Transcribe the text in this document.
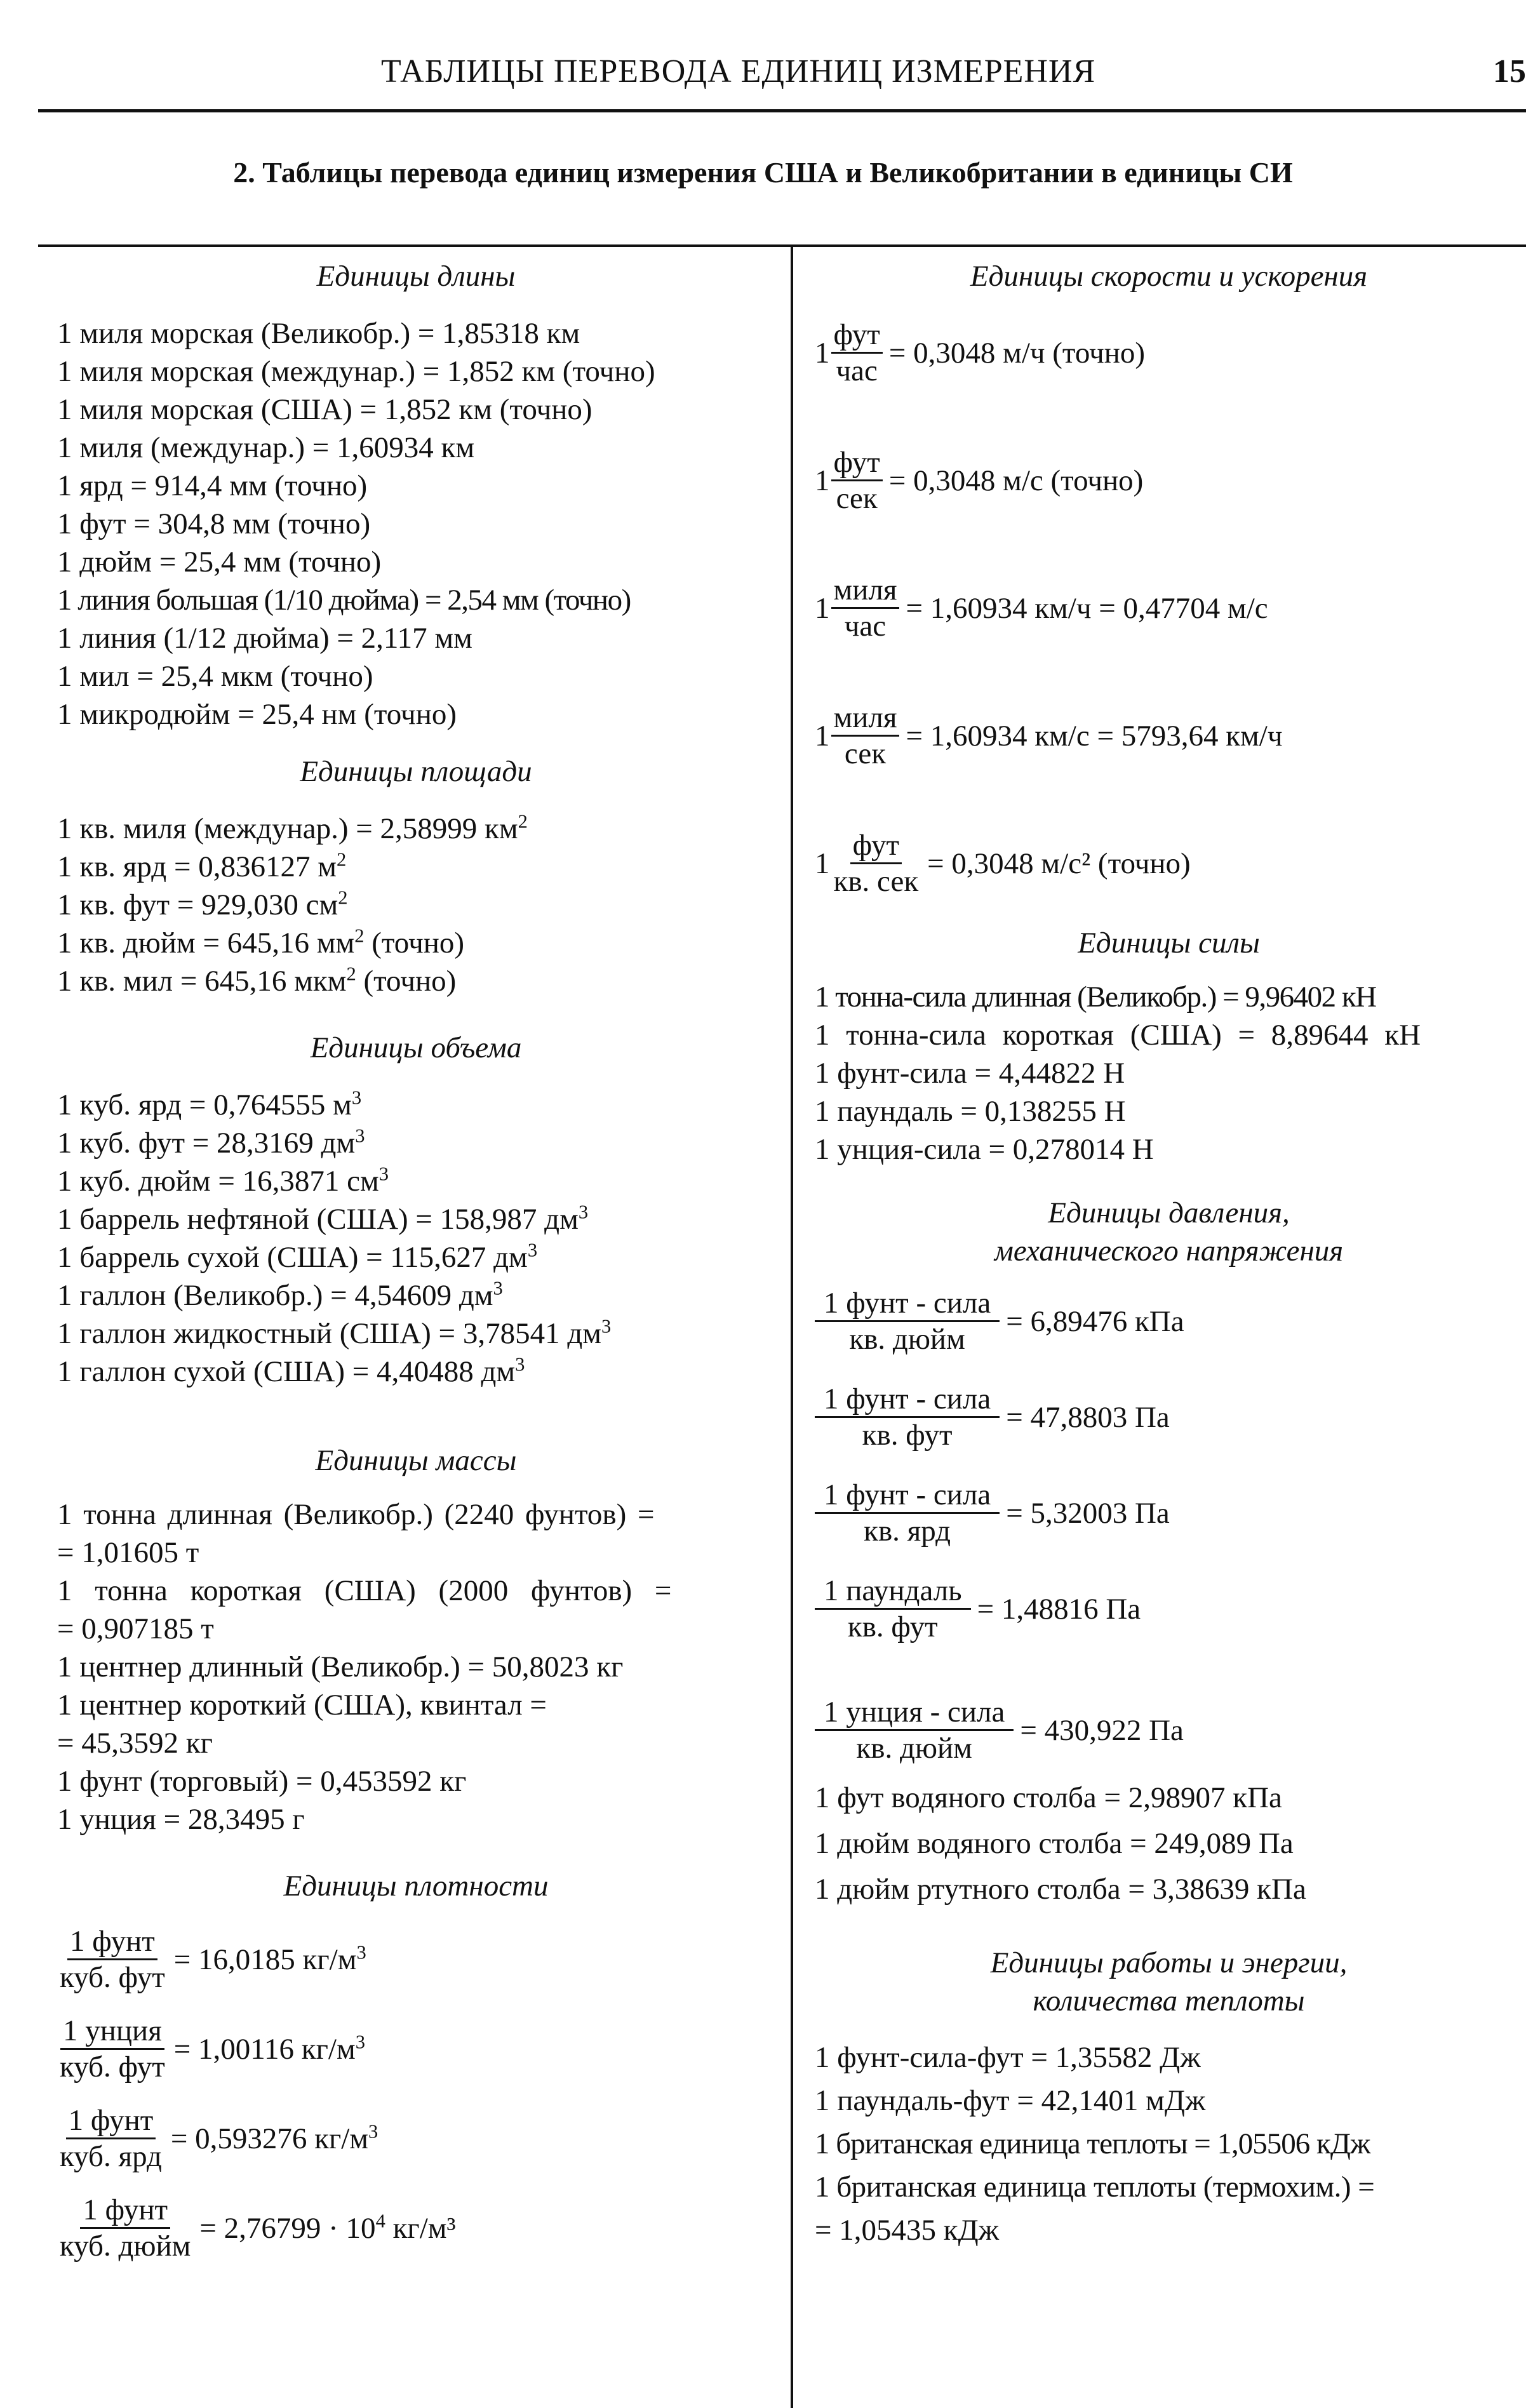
ТАБЛИЦЫ ПЕРЕВОДА ЕДИНИЦ ИЗМЕРЕНИЯ	15
2. Таблицы перевода единиц измерения США и Великобритании в единицы СИ
Единицы длины
1 миля морская (Великобр.) = 1,85318 км
1 миля морская (междунар.) = 1,852 км (точно)
1 миля морская (США) = 1,852 км (точно)
1 миля (междунар.) = 1,60934 км
1 ярд = 914,4 мм (точно)
1 фут = 304,8 мм (точно)
1 дюйм = 25,4 мм (точно)
1 линия большая (1/10 дюйма) = 2,54 мм (точно)
1 линия (1/12 дюйма) = 2,117 мм
1 мил = 25,4 мкм (точно)
1 микродюйм = 25,4 нм (точно)
Единицы площади
1 кв. миля (междунар.) = 2,58999 $км^2$
1 кв. ярд = 0,836127 $м^2$
1 кв. фут = 929,030 $см^2$
1 кв. дюйм = 645,16 $мм^2$ (точно)
1 кв. мил = 645,16 мкм$^2$ (точно)
Единицы объема
1 куб. ярд = 0,764555 $м^3$
1 куб. фут = 28,3169 $дм^3$
1 куб. дюйм = 16,3871 $см^3$
1 баррель нефтяной (США) = 158,987 $дм^3$
1 баррель сухой (США) = 115,627 $дм^3$
1 галлон (Великобр.) = 4,54609 $дм^3$
1 галлон жидкостный (США) = 3,78541 $дм^3$
1 галлон сухой (США) = 4,40488 $дм^3$
Единицы массы
1 тонна длинная (Великобр.) (2240 фунтов) =
= 1,01605 т
1 тонна короткая (США) (2000 фунтов) =
= 0,907185 т
1 центнер длинный (Великобр.) = 50,8023 кг
1 центнер короткий (США), квинтал =
= 45,3592 кг
1 фунт (торговый) = 0,453592 кг
1 унция = 28,3495 г
Единицы плотности
$\frac{\text{1 фунт}}{\text{куб. фут}} = 16,0185$ $кг/м^3$
$\frac{\text{1 унция}}{\text{куб. фут}} = 1,00116$ $кг/м^3$
$\frac{\text{1 фунт}}{\text{куб. ярд}} = 0,593276$ $кг/м^3$
$\frac{\text{1 фунт}}{\text{куб. дюйм}} = 2,76799 \cdot 10^4$ кг/м³
Единицы скорости и ускорения
$1 \frac{\text{фут}}{\text{час}} = 0,3048$ м/ч (точно)
$1 \frac{\text{фут}}{\text{сек}} = 0,3048$ м/с (точно)
$1 \frac{\text{миля}}{\text{час}} = 1,60934$ км/ч = 0,47704 м/с
$1 \frac{\text{миля}}{\text{сек}} = 1,60934$ км/с = 5793,64 км/ч
$1 \frac{\text{фут}}{\text{кв. сек}} = 0,3048$ м/с² (точно)
Единицы силы
1 тонна-сила длинная (Великобр.) = 9,96402 кН
1 тонна-сила короткая (США) = 8,89644 кН
1 фунт-сила = 4,44822 Н
1 паундаль = 0,138255 Н
1 унция-сила = 0,278014 Н
Единицы давления,
механического напряжения
$\frac{\text{1 фунт - сила}}{\text{кв. дюйм}} = 6,89476$ кПа
$\frac{\text{1 фунт - сила}}{\text{кв. фут}} = 47,8803$ Па
$\frac{\text{1 фунт - сила}}{\text{кв. ярд}} = 5,32003$ Па
$\frac{\text{1 паундаль}}{\text{кв. фут}} = 1,48816$ Па
$\frac{\text{1 унция - сила}}{\text{кв. дюйм}} = 430,922$ Па
1 фут водяного столба = 2,98907 кПа
1 дюйм водяного столба = 249,089 Па
1 дюйм ртутного столба = 3,38639 кПа
Единицы работы и энергии,
количества теплоты
1 фунт-сила-фут = 1,35582 Дж
1 паундаль-фут = 42,1401 мДж
1 британская единица теплоты = 1,05506 кДж
1 британская единица теплоты (термохим.) =
= 1,05435 кДж
